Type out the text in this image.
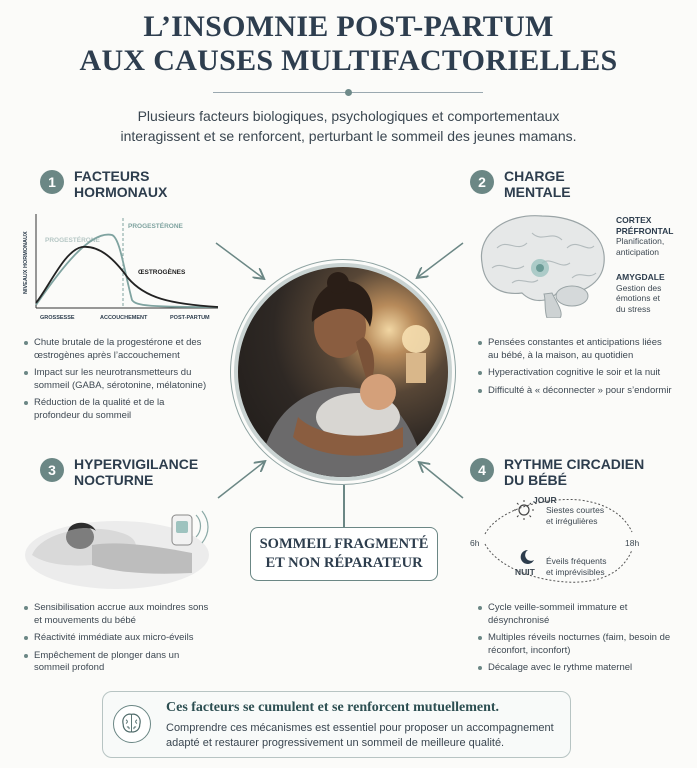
L’INSOMNIE POST-PARTUM
AUX CAUSES MULTIFACTORIELLES
Plusieurs facteurs biologiques, psychologiques et comportementaux interagissent et se renforcent, perturbant le sommeil des jeunes mamans.
1	FACTEURS
HORMONAUX
NIVEAUX HORMONAUX PROGESTÉRONE
PROGESTÉRONE
ŒSTROGÈNES
GROSSESSE	ACCOUCHEMENT	POST-PARTUM
Chute brutale de la progestérone et des œstrogènes après l’accouchement
Impact sur les neurotransmetteurs du sommeil (GABA, sérotonine, mélatonine)
Réduction de la qualité et de la profondeur du sommeil
2	CHARGE
MENTALE
CORTEX
PRÉFRONTAL
Planification,
anticipation
AMYGDALE
Gestion des
émotions et
du stress
Pensées constantes et anticipations liées au bébé, à la maison, au quotidien
Hyperactivation cognitive le soir et la nuit
Difficulté à « déconnecter » pour s’endormir
SOMMEIL FRAGMENTÉ
ET NON RÉPARATEUR
3	HYPERVIGILANCE
NOCTURNE
Sensibilisation accrue aux moindres sons et mouvements du bébé
Réactivité immédiate aux micro-éveils
Empêchement de plonger dans un sommeil profond
4	RYTHME CIRCADIEN
DU BÉBÉ
JOUR
Siestes courtes
et irrégulières
NUIT
Éveils fréquents
et imprévisibles
6h	18h
Cycle veille-sommeil immature et désynchronisé
Multiples réveils nocturnes (faim, besoin de réconfort, inconfort)
Décalage avec le rythme maternel
Ces facteurs se cumulent et se renforcent mutuellement.
Comprendre ces mécanismes est essentiel pour proposer un accompagnement adapté et restaurer progressivement un sommeil de meilleure qualité.
